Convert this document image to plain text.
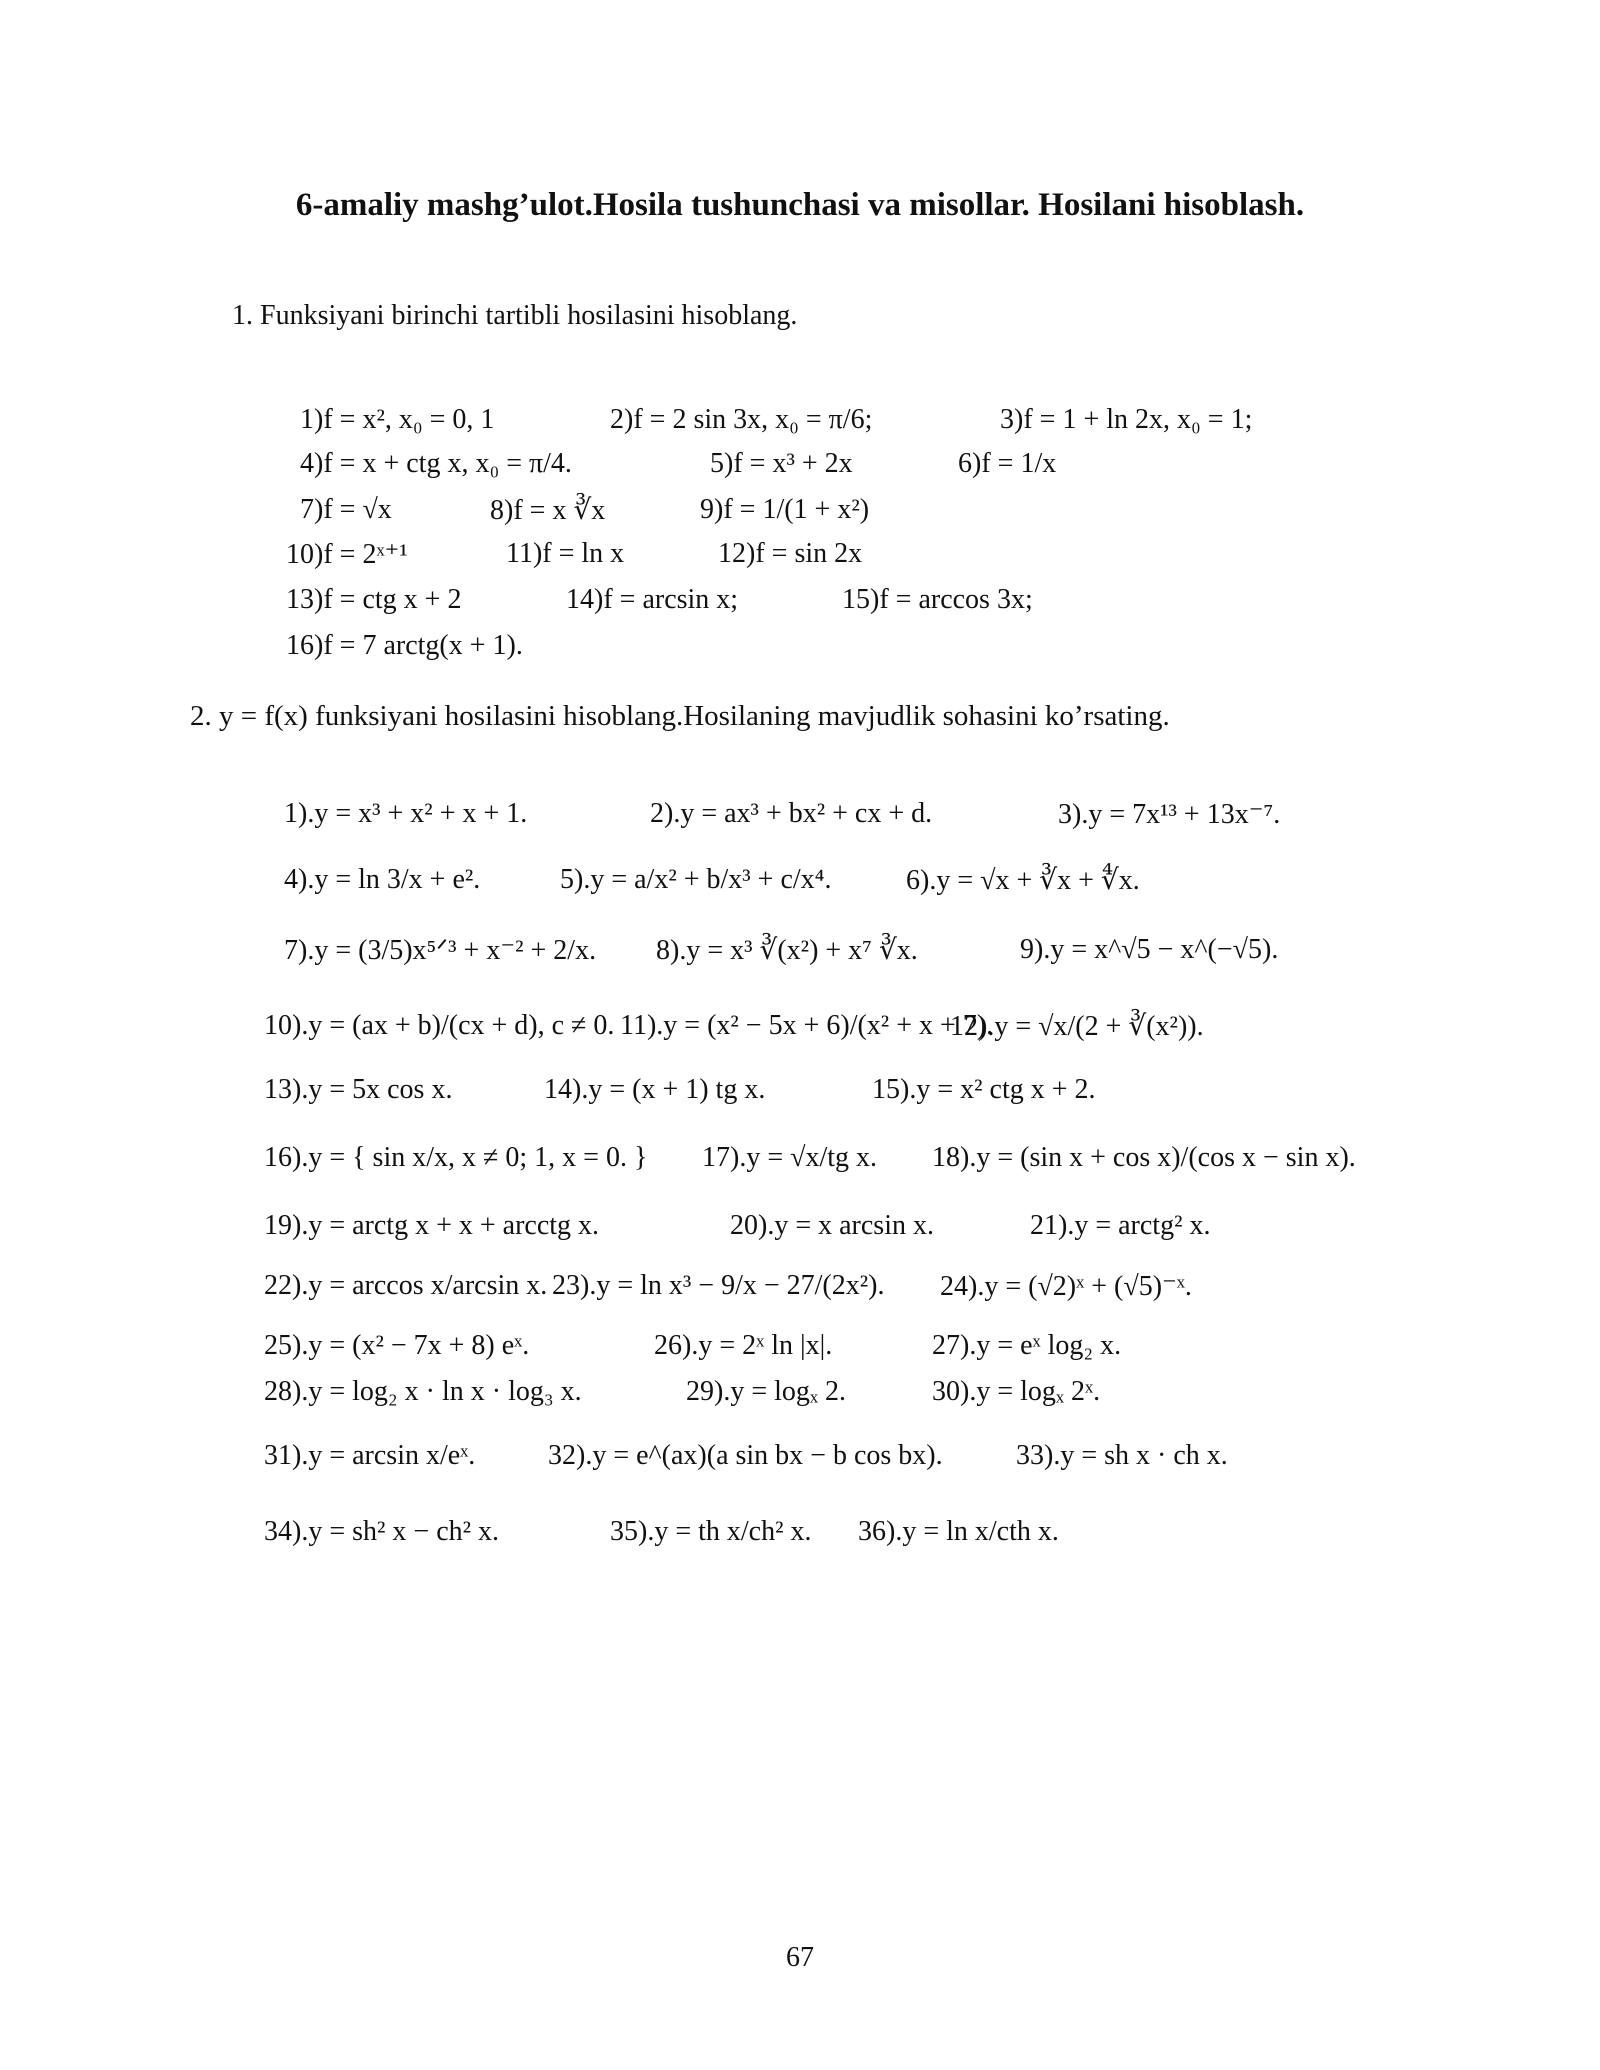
6-amaliy mashg’ulot.Hosila tushunchasi va misollar. Hosilani hisoblash.
1. Funksiyani birinchi tartibli hosilasini hisoblang.
1)f = x², x₀ = 0, 1	2)f = 2 sin 3x, x₀ = π/6;	3)f = 1 + ln 2x, x₀ = 1;
4)f = x + ctg x, x₀ = π/4.	5)f = x³ + 2x	6)f = 1/x
7)f = √x	8)f = x ∛x	9)f = 1/(1 + x²)
10)f = 2ˣ⁺¹	11)f = ln x	12)f = sin 2x
13)f = ctg x + 2	14)f = arcsin x;	15)f = arccos 3x;
16)f = 7 arctg(x + 1).
2. y = f(x) funksiyani hosilasini hisoblang.Hosilaning mavjudlik sohasini ko’rsating.
1).y = x³ + x² + x + 1.	2).y = ax³ + bx² + cx + d.	3).y = 7x¹³ + 13x⁻⁷.
4).y = ln 3/x + e².	5).y = a/x² + b/x³ + c/x⁴.	6).y = √x + ∛x + ∜x.
7).y = (3/5)x⁵ᐟ³ + x⁻² + 2/x. 8).y = x³ ∛(x²) + x⁷ ∛x.	9).y = x^√5 − x^(−√5).
10).y = (ax + b)/(cx + d), c ≠ 0. 11).y = (x² − 5x + 6)/(x² + x + 7).
12).y = √x/(2 + ∛(x²)).
13).y = 5x cos x.	14).y = (x + 1) tg x.	15).y = x² ctg x + 2.
16).y = { sin x/x, x ≠ 0; 1, x = 0. } 17).y = √x/tg x. 18).y = (sin x + cos x)/(cos x − sin x).
19).y = arctg x + x + arcctg x.	20).y = x arcsin x.	21).y = arctg² x.
22).y = arccos x/arcsin x. 23).y = ln x³ − 9/x − 27/(2x²). 24).y = (√2)ˣ + (√5)⁻ˣ.
25).y = (x² − 7x + 8) eˣ.	26).y = 2ˣ ln |x|.	27).y = eˣ log₂ x.
28).y = log₂ x · ln x · log₃ x.	29).y = logₓ 2.	30).y = logₓ 2ˣ.
31).y = arcsin x/eˣ.	32).y = e^(ax)(a sin bx − b cos bx).	33).y = sh x · ch x.
34).y = sh² x − ch² x.	35).y = th x/ch² x. 36).y = ln x/cth x.
67
